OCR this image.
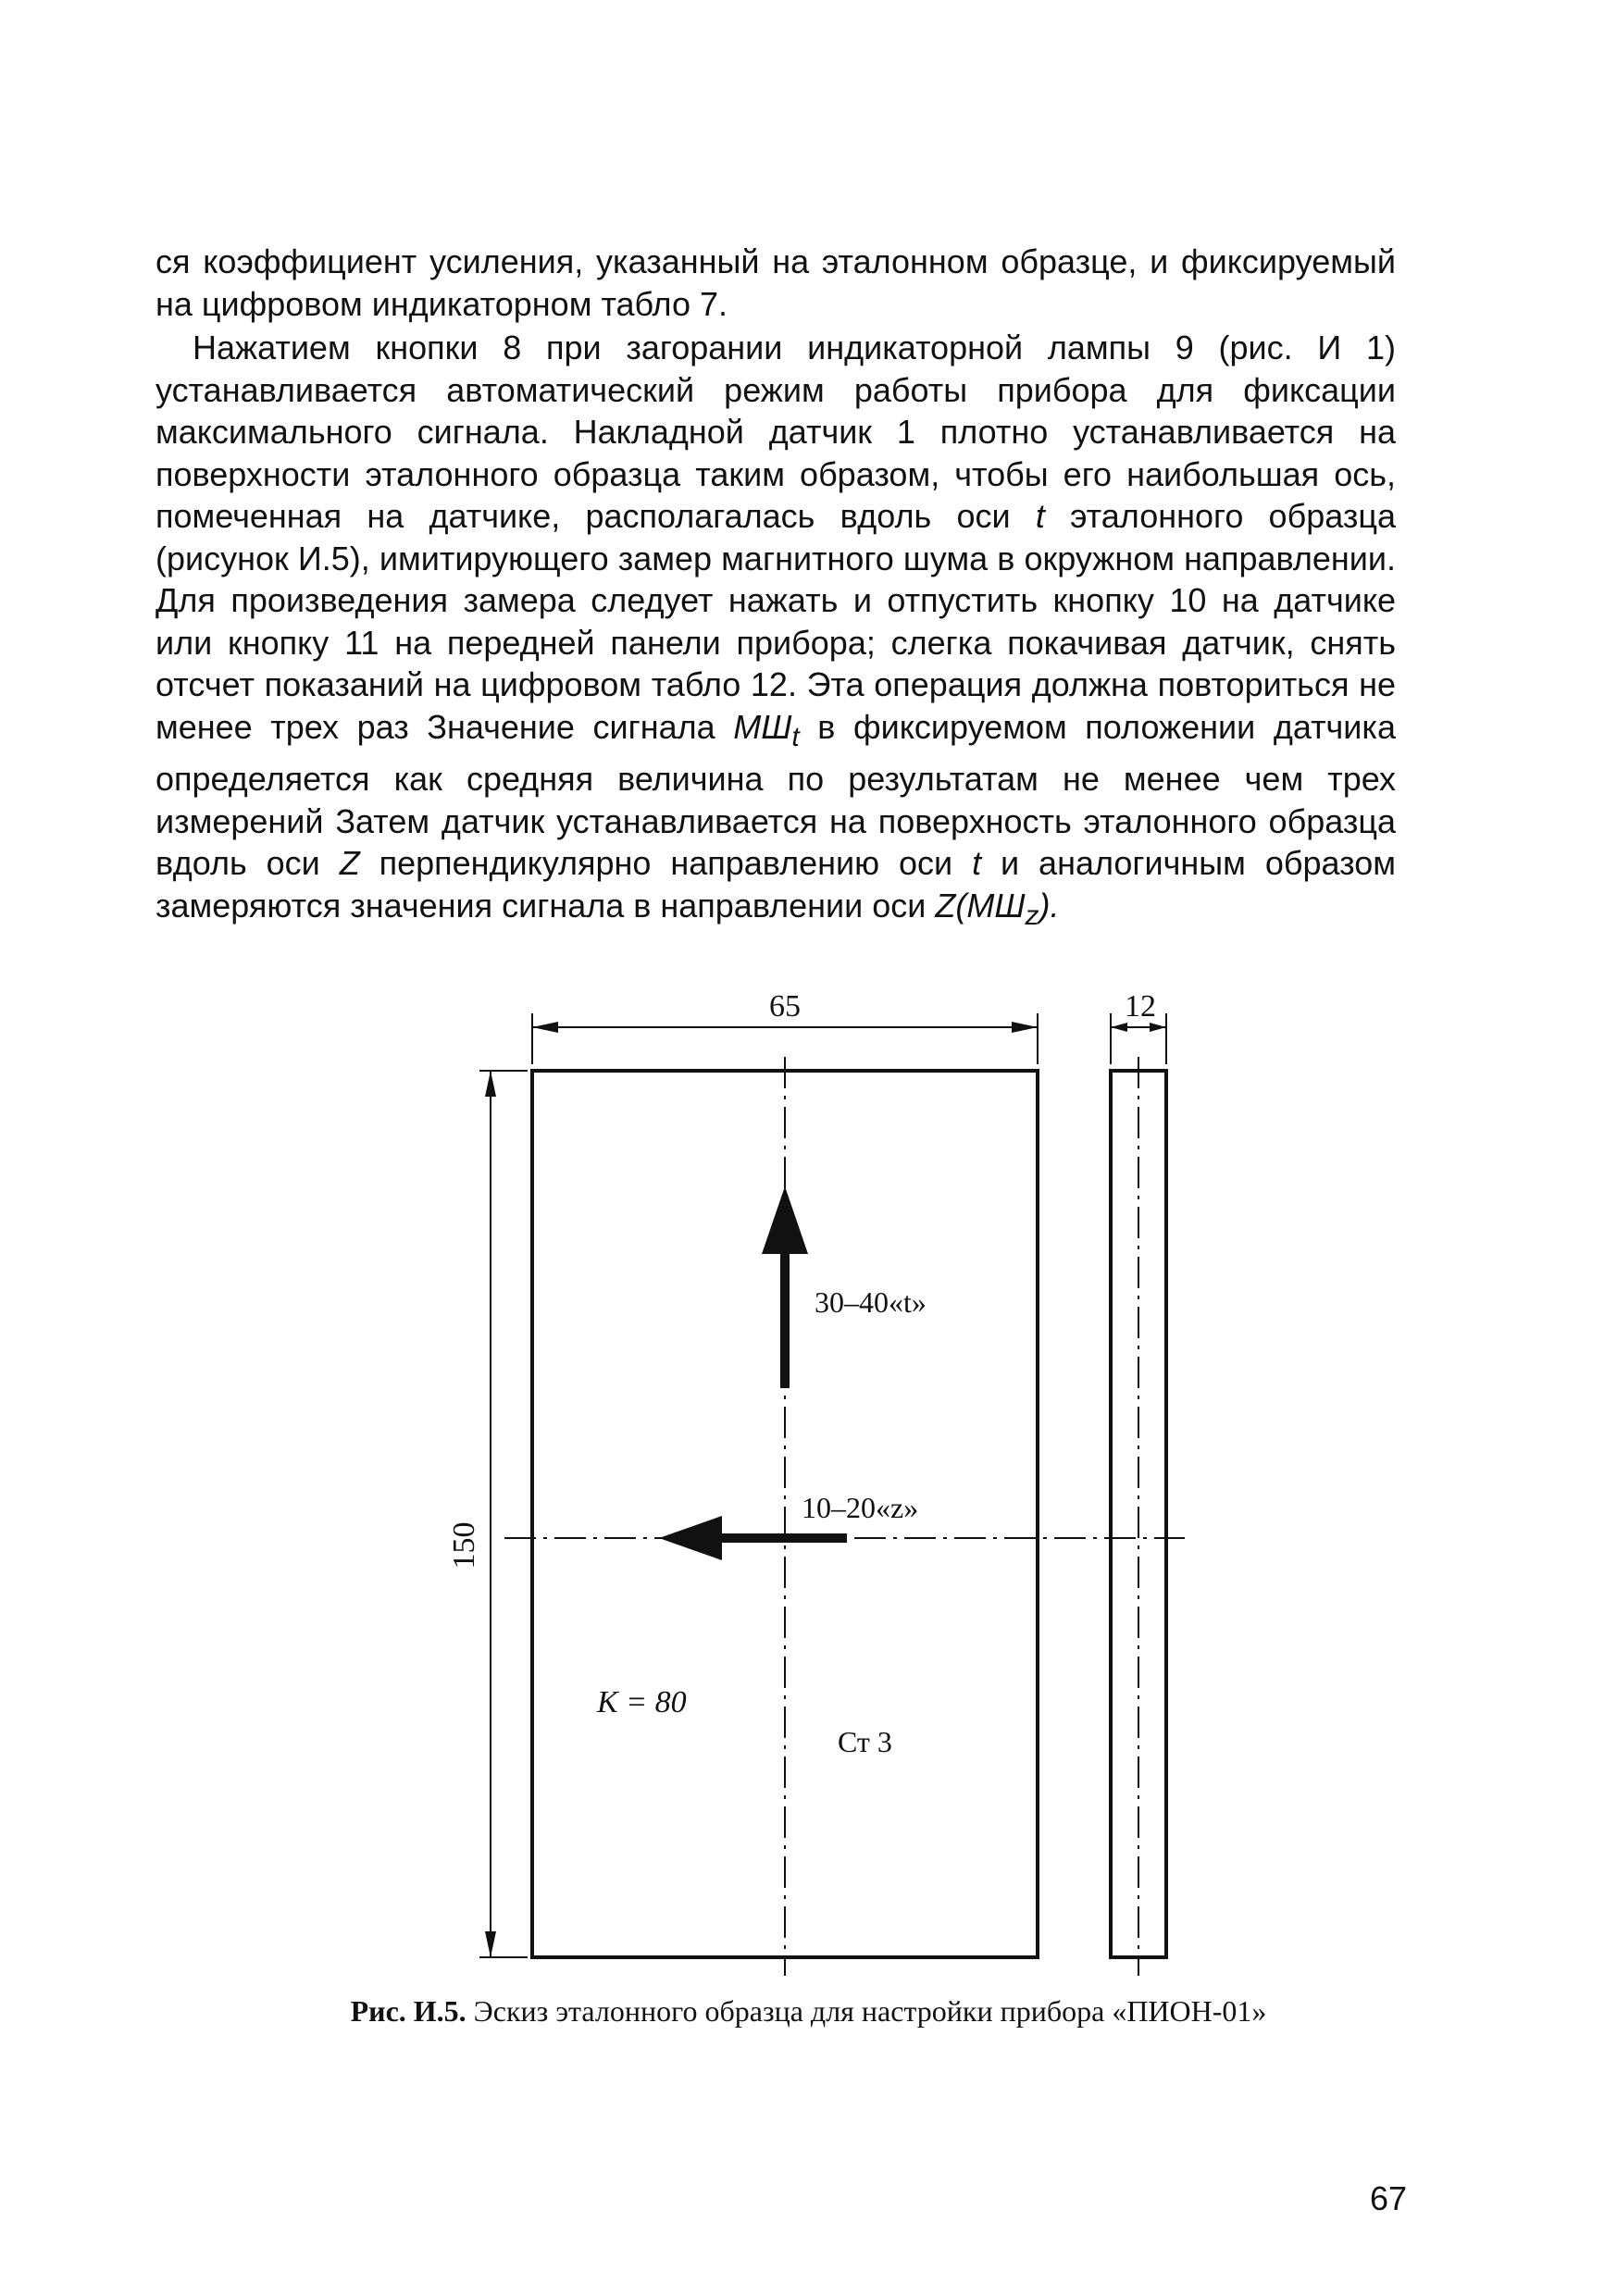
ся коэффициент усиления, указанный на эталонном образце, и фиксируемый на цифровом индикаторном табло 7.

Нажатием кнопки 8 при загорании индикаторной лампы 9 (рис. И 1) устанавливается автоматический режим работы прибора для фиксации максимального сигнала. Накладной датчик 1 плотно устанавливается на поверхности эталонного образца таким образом, чтобы его наибольшая ось, помеченная на датчике, располагалась вдоль оси t эталонного образца (рисунок И.5), имитирующего замер магнитного шума в окружном направлении. Для произведения замера следует нажать и отпустить кнопку 10 на датчике или кнопку 11 на передней панели прибора; слегка покачивая датчик, снять отсчет показаний на цифровом табло 12. Эта операция должна повториться не менее трех раз Значение сигнала $МШ_t$ в фиксируемом положении датчика определяется как средняя величина по результатам не менее чем трех измерений Затем датчик устанавливается на поверхность эталонного образца вдоль оси Z перпендикулярно направлению оси t и аналогичным образом замеряются значения сигнала в направлении оси $Z(МШ_z)$.

65	12
150
30–40«t»
10–20«z»
K = 80
Ст 3
Рис. И.5. Эскиз эталонного образца для настройки прибора «ПИОН-01»
67
